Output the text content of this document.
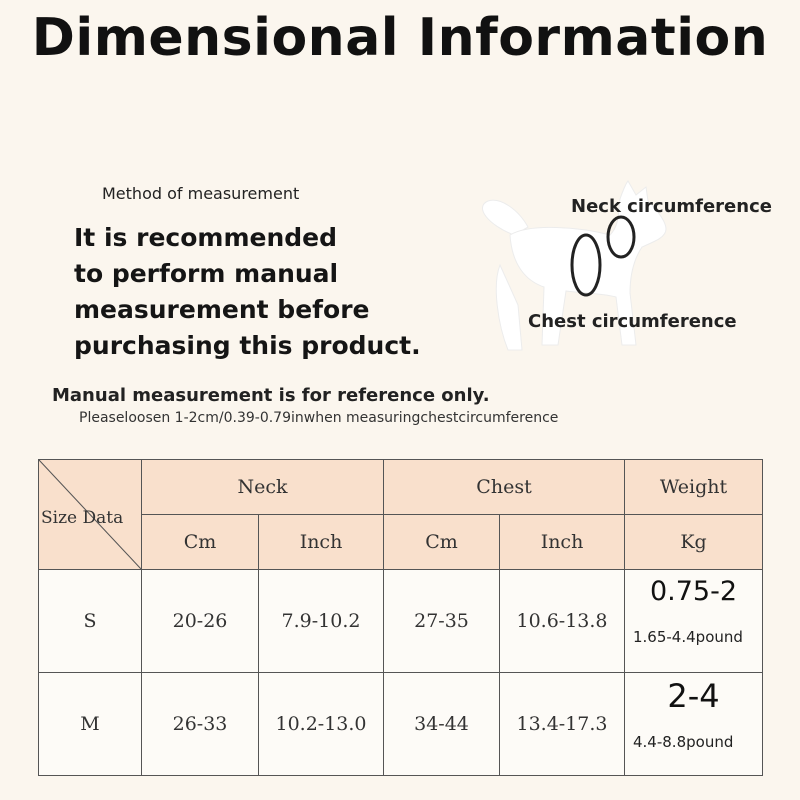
Dimensional Information
Method of measurement
It is recommended
to perform manual
measurement before
purchasing this product.
Neck circumference
Chest circumference
Manual measurement is for reference only.
Pleaseloosen 1-2cm/0.39-0.79inwhen measuringchestcircumference
Size Data	Neck		Chest		Weight
	Cm	Inch	Cm	Inch	Kg
S	20-26	7.9-10.2	27-35	10.6-13.8	0.75-2
1.65-4.4pound

M	26-33	10.2-13.0	34-44	13.4-17.3	2-4
4.4-8.8pound
